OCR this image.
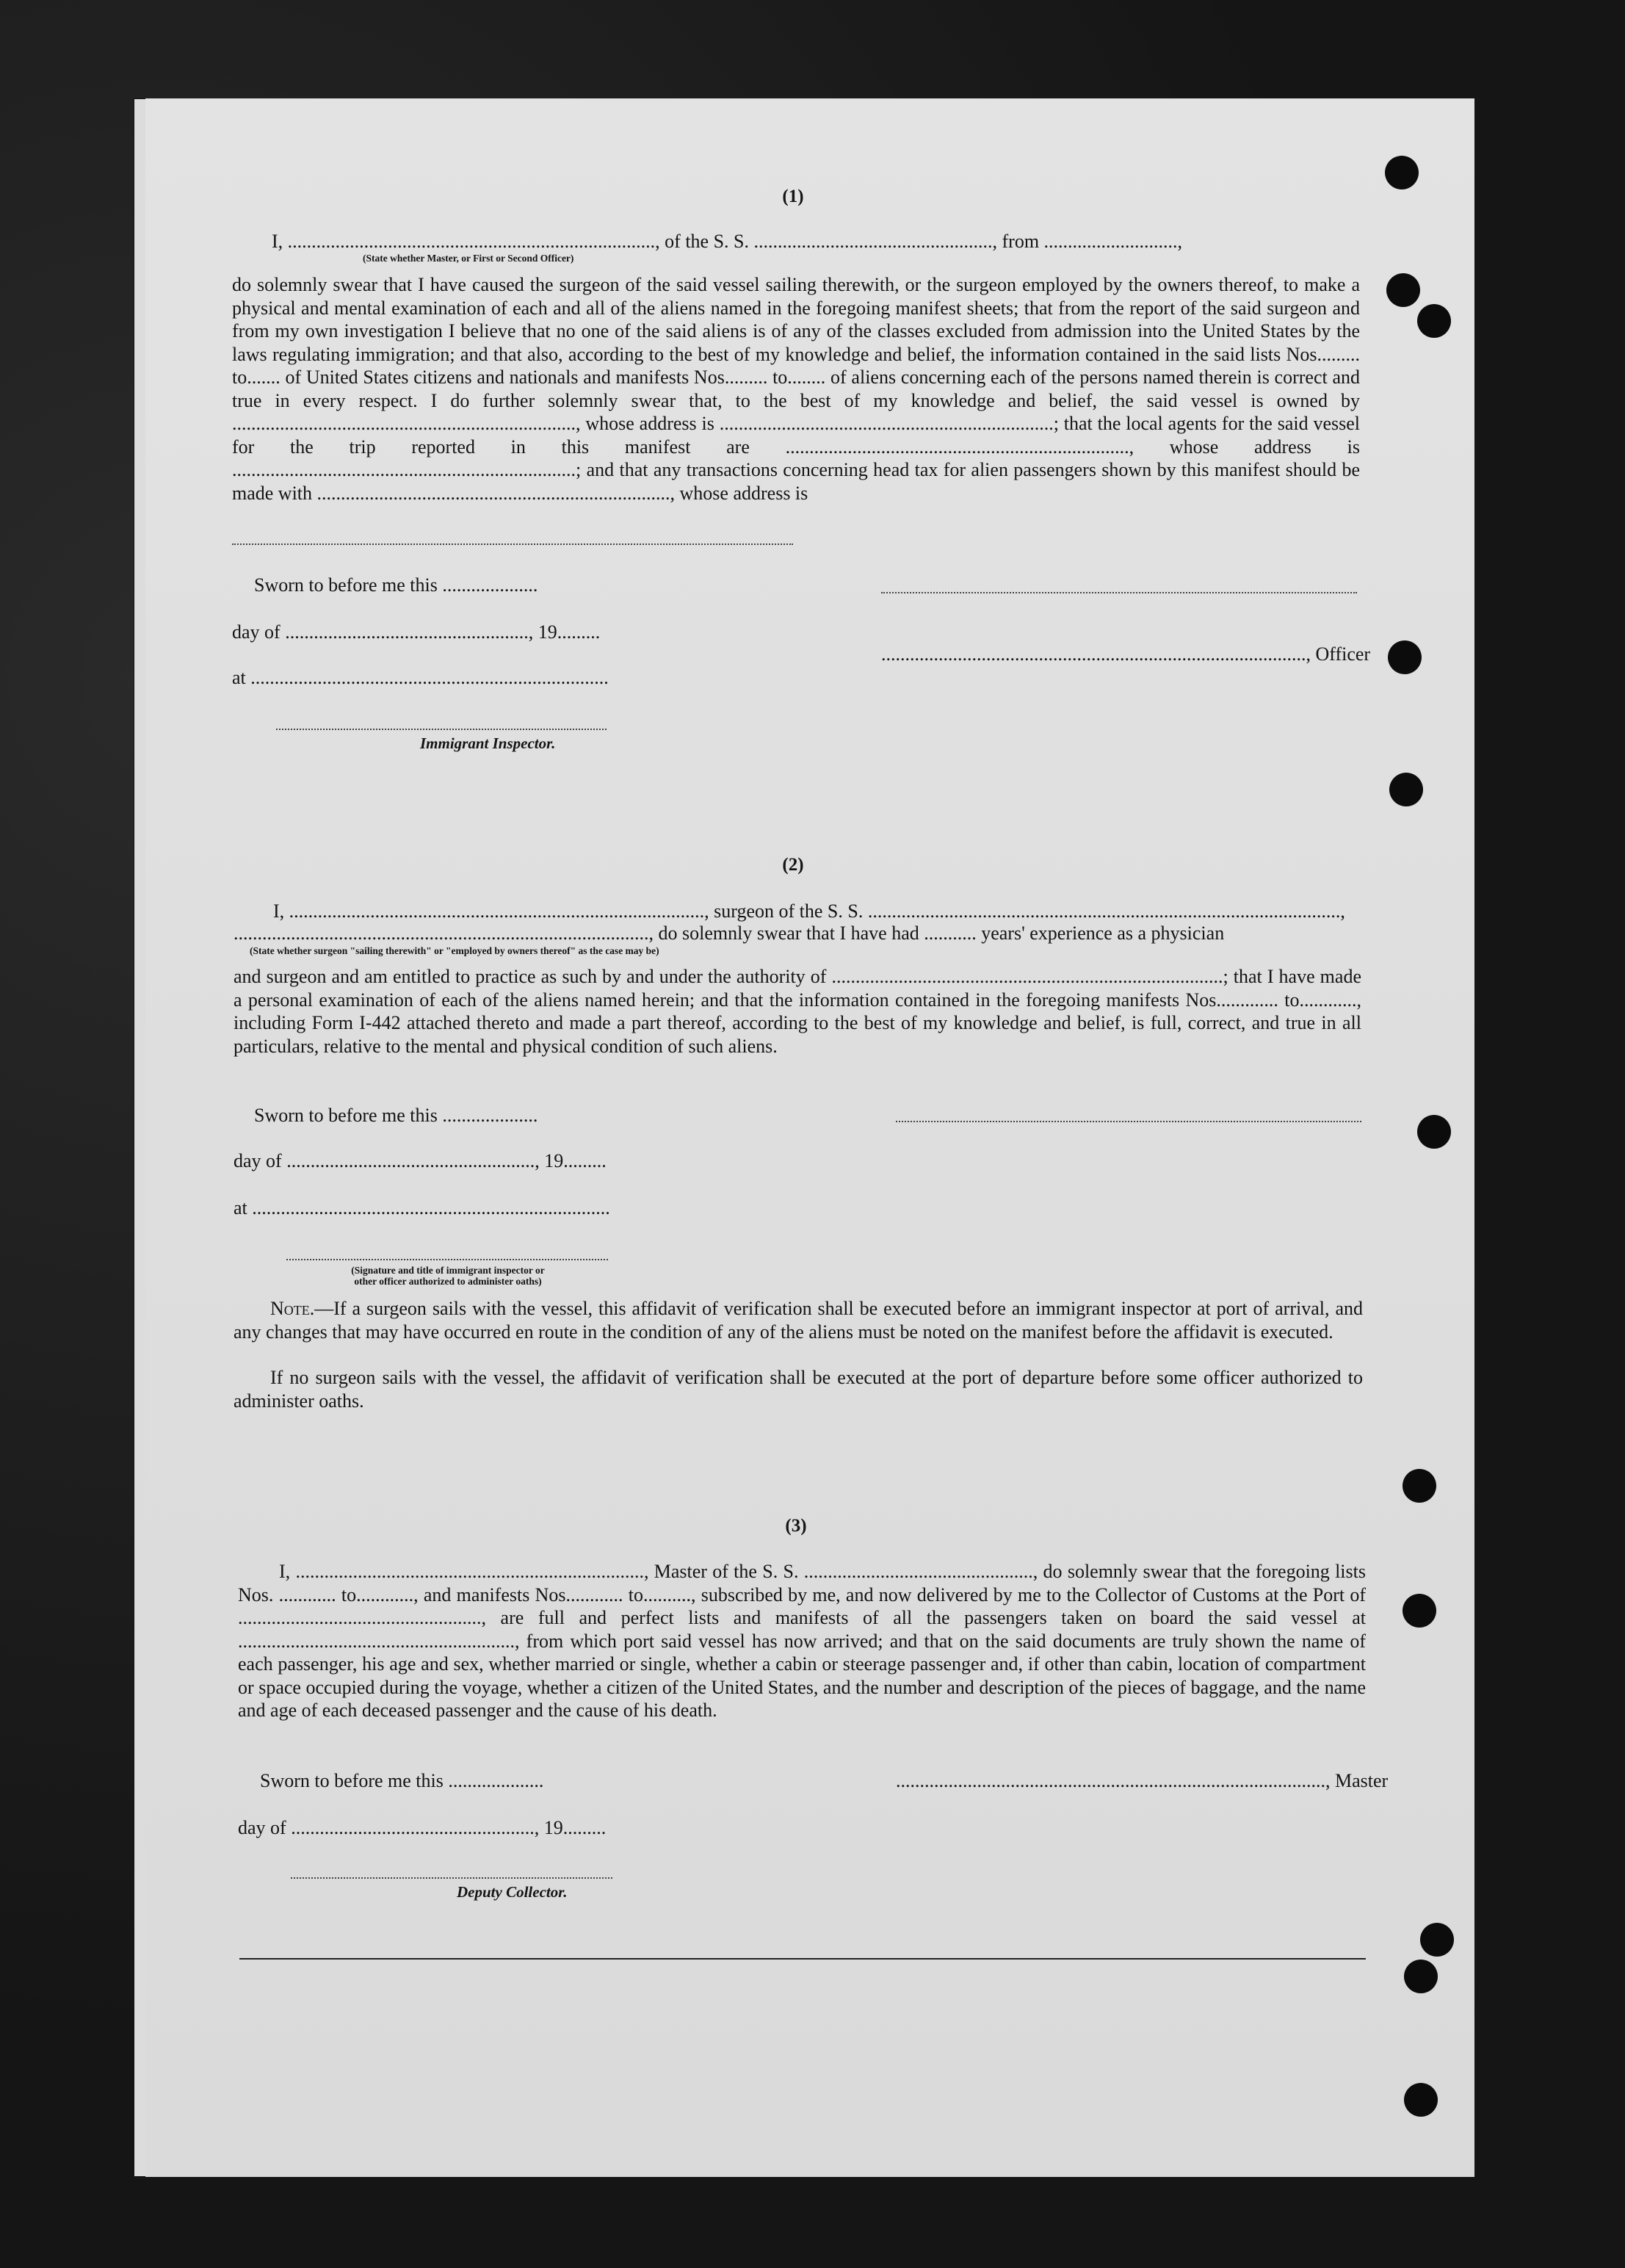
(1)
I, ............................................................................., of the S. S. .................................................., from ............................,
(State whether Master, or First or Second Officer)
do solemnly swear that I have caused the surgeon of the said vessel sailing therewith, or the surgeon employed by the owners thereof, to make a physical and mental examination of each and all of the aliens named in the foregoing manifest sheets; that from the report of the said surgeon and from my own investigation I believe that no one of the said aliens is of any of the classes excluded from admission into the United States by the laws regulating immigration; and that also, according to the best of my knowledge and belief, the information contained in the said lists Nos......... to....... of United States citizens and nationals and manifests Nos......... to........ of aliens concerning each of the persons named therein is correct and true in every respect. I do further solemnly swear that, to the best of my knowledge and belief, the said vessel is owned by ........................................................................, whose address is ......................................................................; that the local agents for the said vessel for the trip reported in this manifest are ........................................................................, whose address is ........................................................................; and that any transactions concerning head tax for alien passengers shown by this manifest should be made with .........................................................................., whose address is
Sworn to before me this ....................
day of ..................................................., 19.........
........................................................................................., Officer
at ...........................................................................
Immigrant Inspector.
(2)
I, ......................................................................................., surgeon of the S. S. ...................................................................................................,
......................................................................................., do solemnly swear that I have had ........... years' experience as a physician
(State whether surgeon "sailing therewith" or "employed by owners thereof" as the case may be)
and surgeon and am entitled to practice as such by and under the authority of ..................................................................................; that I have made a personal examination of each of the aliens named herein; and that the information contained in the foregoing manifests Nos............. to............, including Form I-442 attached thereto and made a part thereof, according to the best of my knowledge and belief, is full, correct, and true in all particulars, relative to the mental and physical condition of such aliens.
Sworn to before me this ....................
day of ...................................................., 19.........
at ...........................................................................
(Signature and title of immigrant inspector or
other officer authorized to administer oaths)
Note.—If a surgeon sails with the vessel, this affidavit of verification shall be executed before an immigrant inspector at port of arrival, and any changes that may have occurred en route in the condition of any of the aliens must be noted on the manifest before the affidavit is executed.
If no surgeon sails with the vessel, the affidavit of verification shall be executed at the port of departure before some officer authorized to administer oaths.
(3)
I, ........................................................................., Master of the S. S. ................................................, do solemnly swear that the foregoing lists Nos. ............ to............, and manifests Nos............ to.........., subscribed by me, and now delivered by me to the Collector of Customs at the Port of ..................................................., are full and perfect lists and manifests of all the passengers taken on board the said vessel at .........................................................., from which port said vessel has now arrived; and that on the said documents are truly shown the name of each passenger, his age and sex, whether married or single, whether a cabin or steerage passenger and, if other than cabin, location of compartment or space occupied during the voyage, whether a citizen of the United States, and the number and description of the pieces of baggage, and the name and age of each deceased passenger and the cause of his death.
Sworn to before me this ....................	.........................................................................................., Master
day of ..................................................., 19.........
Deputy Collector.
